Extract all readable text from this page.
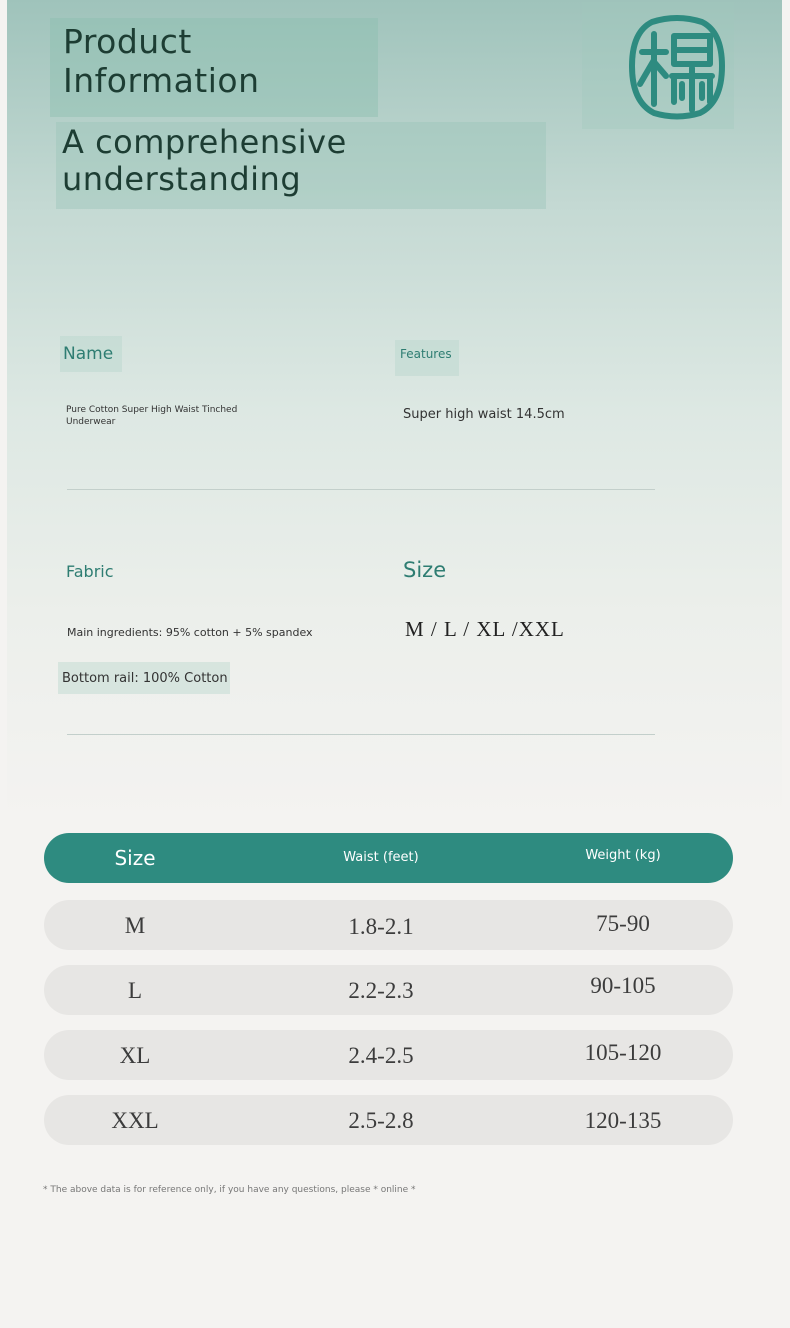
Product
Information
A comprehensive
understanding
Name	Features
Pure Cotton Super High Waist Tinched
Underwear	Super high waist 14.5cm
Fabric	Size
Main ingredients: 95% cotton + 5% spandex	M / L / XL /XXL
Bottom rail: 100% Cotton
Size	Waist (feet)	Weight (kg)
M	1.8-2.1	75-90
L	2.2-2.3	90-105
XL	2.4-2.5	105-120
XXL	2.5-2.8	120-135
* The above data is for reference only, if you have any questions, please * online *
